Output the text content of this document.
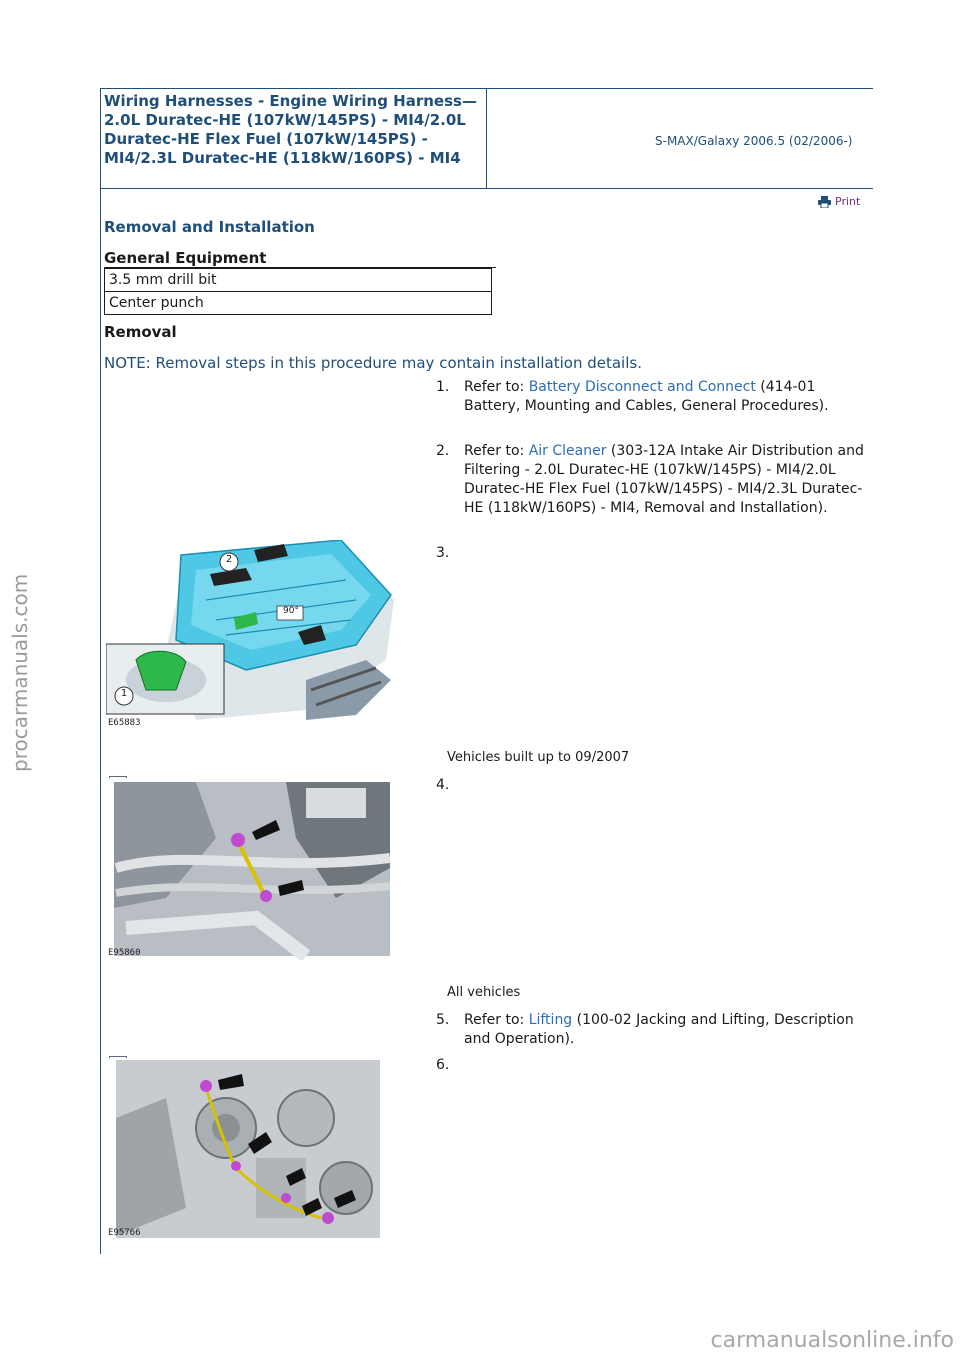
Wiring Harnesses - Engine Wiring Harness—2.0L Duratec-HE (107kW/145PS) - MI4/2.0L Duratec-HE Flex Fuel (107kW/145PS) - MI4/2.3L Duratec-HE (118kW/160PS) - MI4
S-MAX/Galaxy 2006.5 (02/2006-)
Print
Removal and Installation
General Equipment
3.5 mm drill bit
Center punch
Removal
NOTE: Removal steps in this procedure may contain installation details.
1.	Refer to: Battery Disconnect and Connect (414-01 Battery, Mounting and Cables, General Procedures).
2.	Refer to: Air Cleaner (303-12A Intake Air Distribution and Filtering - 2.0L Duratec-HE (107kW/145PS) - MI4/2.0L Duratec-HE Flex Fuel (107kW/145PS) - MI4/2.3L Duratec-HE (118kW/160PS) - MI4, Removal and Installation).
3.
4.
5.	Refer to: Lifting (100-02 Jacking and Lifting, Description and Operation).
6.
Vehicles built up to 09/2007
All vehicles
90°
2
1
E65883
E95860
E95766
procarmanuals.com
carmanualsonline.info
